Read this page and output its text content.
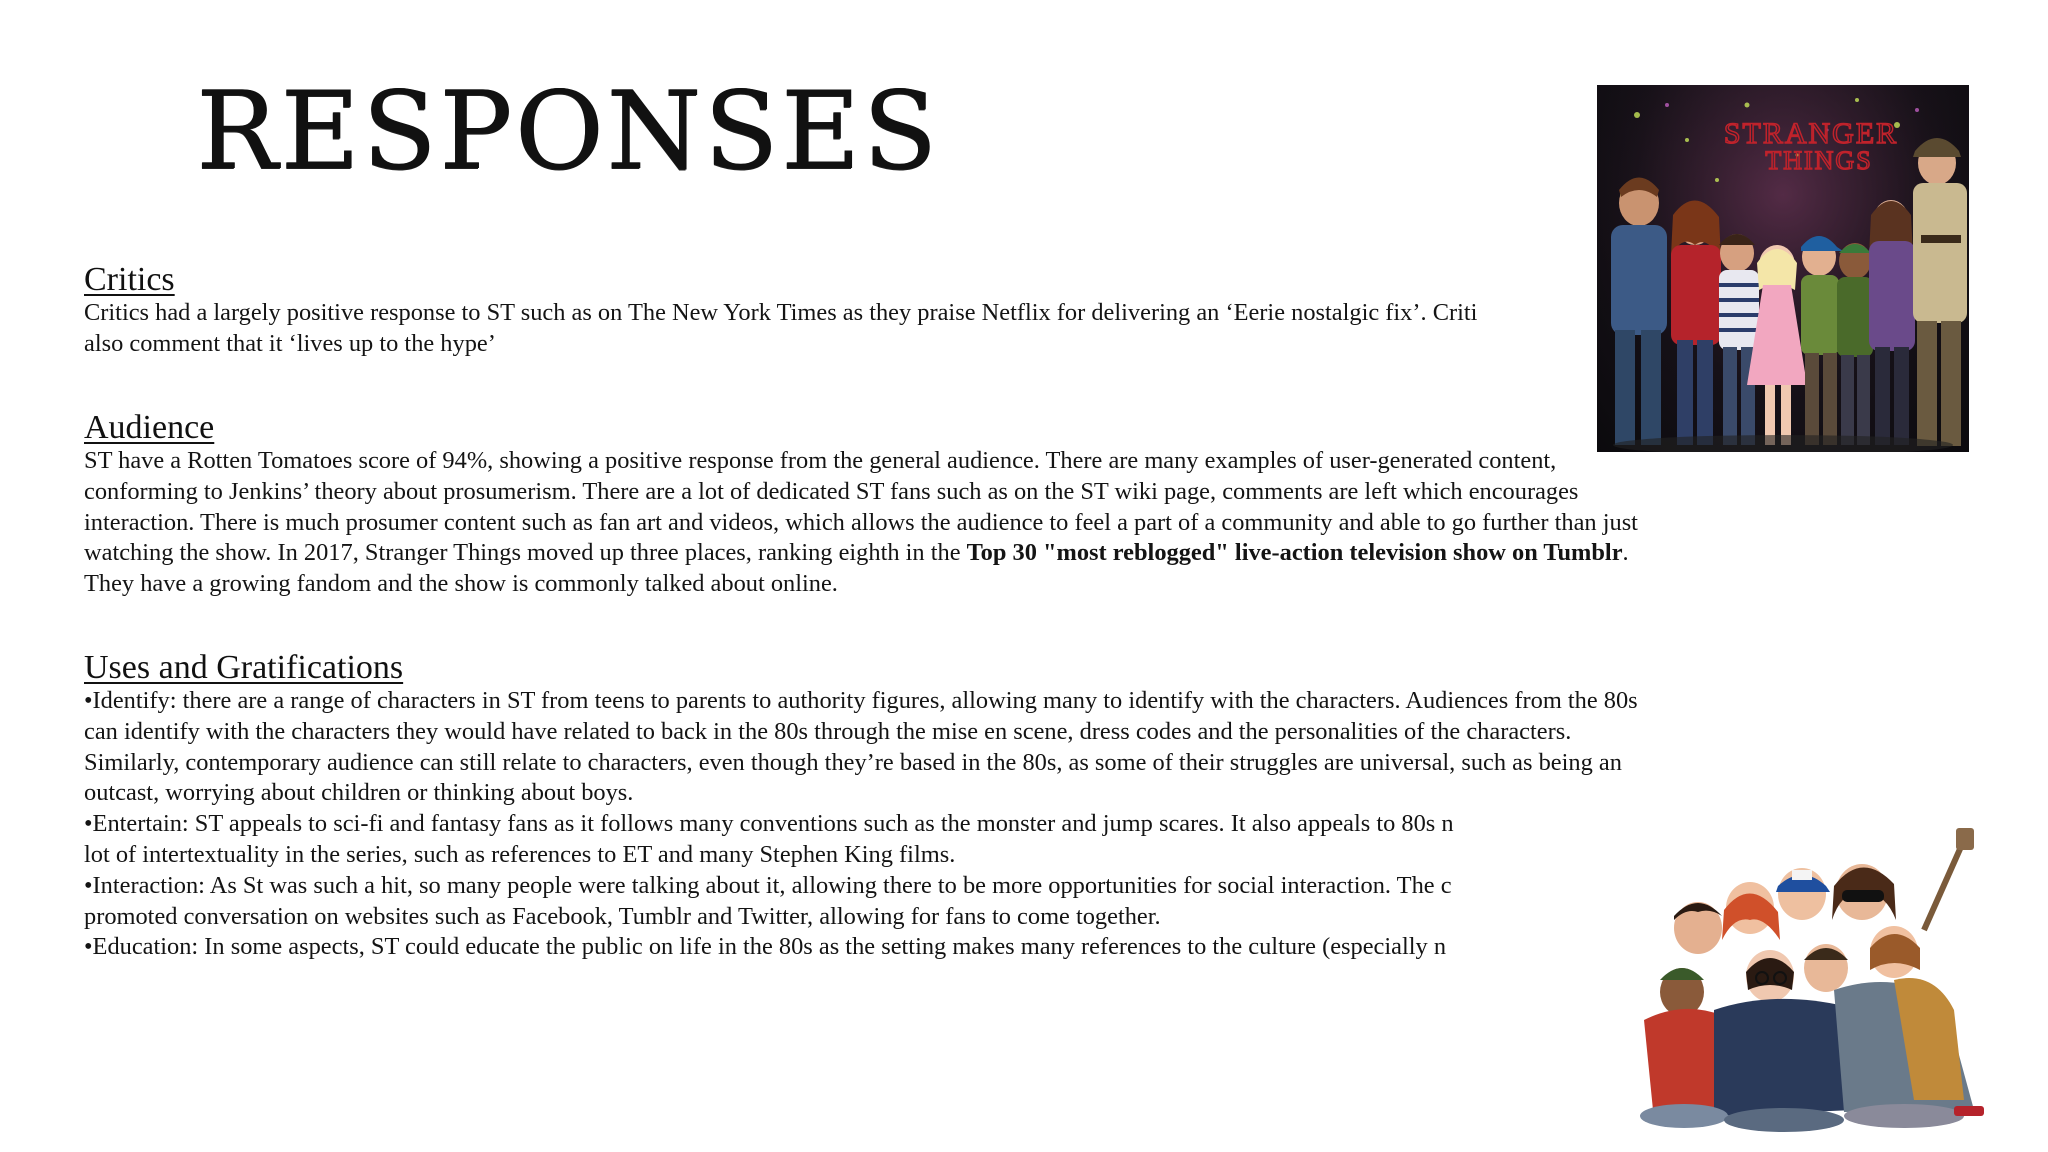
RESPONSES
Critics
Critics had a largely positive response to ST such as on The New York Times as they praise Netflix for delivering an ‘Eerie nostalgic fix’. Criti
also comment that it ‘lives up to the hype’
Audience
ST have a Rotten Tomatoes score of 94%, showing a positive response from the general audience. There are many examples of user-generated content,
conforming to Jenkins’ theory about prosumerism. There are a lot of dedicated ST fans such as on the ST wiki page, comments are left which encourages
interaction. There is much prosumer content such as fan art and videos, which allows the audience to feel a part of a community and able to go further than just
watching the show. In 2017, Stranger Things moved up three places, ranking eighth in the Top 30 "most reblogged" live-action television show on Tumblr.
They have a growing fandom and the show is commonly talked about online.
Uses and Gratifications
•Identify: there are a range of characters in ST from teens to parents to authority figures, allowing many to identify with the characters. Audiences from the 80s
can identify with the characters they would have related to back in the 80s through the mise en scene, dress codes and the personalities of the characters.
Similarly, contemporary audience can still relate to characters, even though they’re based in the 80s, as some of their struggles are universal, such as being an
outcast, worrying about children or thinking about boys.
•Entertain: ST appeals to sci-fi and fantasy fans as it follows many conventions such as the monster and jump scares. It also appeals to 80s n
lot of intertextuality in the series, such as references to ET and many Stephen King films.
•Interaction: As St was such a hit, so many people were talking about it, allowing there to be more opportunities for social interaction. The c
promoted conversation on websites such as Facebook, Tumblr and Twitter, allowing for fans to come together.
•Education: In some aspects, ST could educate the public on life in the 80s as the setting makes many references to the culture (especially n
STRANGER
THINGS
